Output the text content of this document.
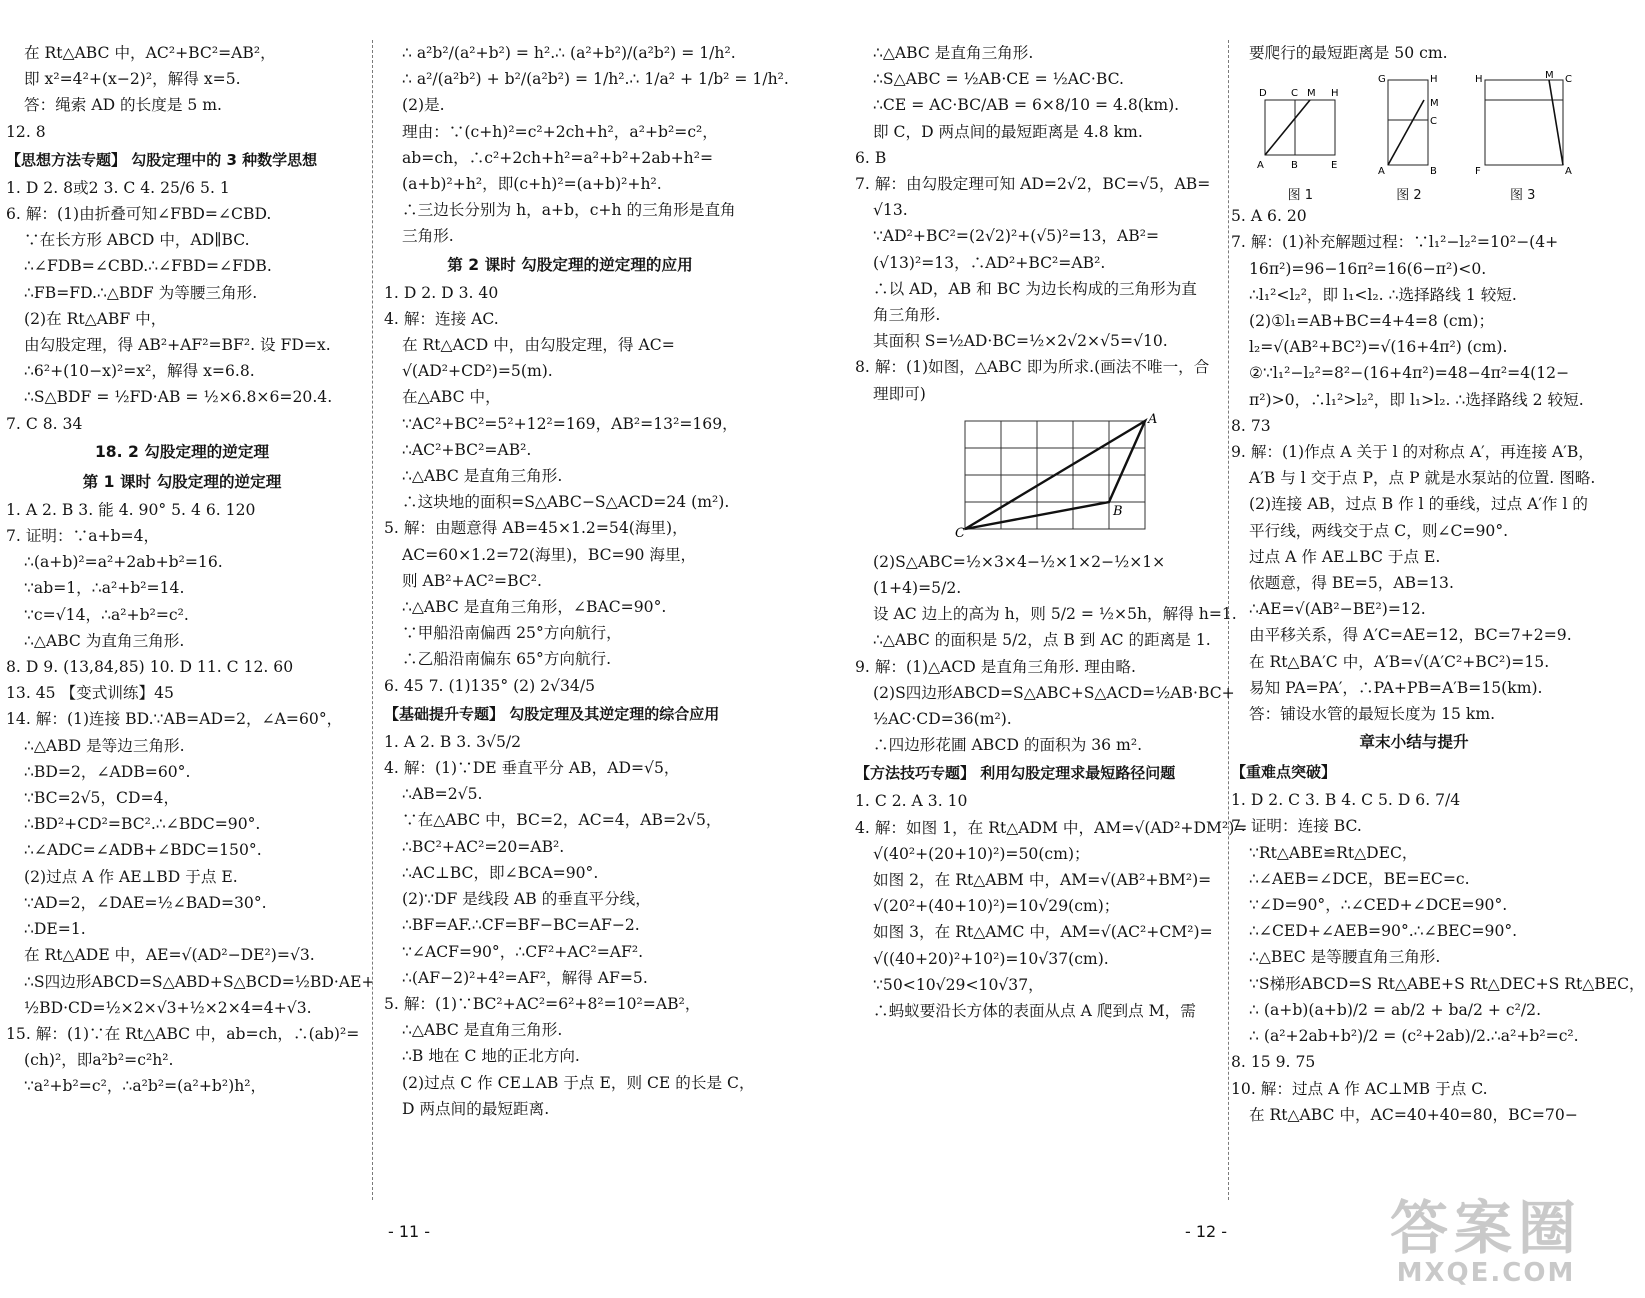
在 Rt△ABC 中，AC²+BC²=AB²，
即 x²=4²+(x−2)²，解得 x=5.
答：绳索 AD 的长度是 5 m.
12. 8
【思想方法专题】 勾股定理中的 3 种数学思想
1. D 2. 8或2 3. C 4. 25/6 5. 1
6. 解：(1)由折叠可知∠FBD=∠CBD.
∵在长方形 ABCD 中，AD∥BC.
∴∠FDB=∠CBD.∴∠FBD=∠FDB.
∴FB=FD.∴△BDF 为等腰三角形.
(2)在 Rt△ABF 中，
由勾股定理，得 AB²+AF²=BF². 设 FD=x.
∴6²+(10−x)²=x²，解得 x=6.8.
∴S△BDF = ½FD·AB = ½×6.8×6=20.4.
7. C 8. 34
18. 2 勾股定理的逆定理
第 1 课时 勾股定理的逆定理
1. A 2. B 3. 能 4. 90° 5. 4 6. 120
7. 证明：∵a+b=4，
∴(a+b)²=a²+2ab+b²=16.
∵ab=1，∴a²+b²=14.
∵c=√14，∴a²+b²=c².
∴△ABC 为直角三角形.
8. D 9. (13,84,85) 10. D 11. C 12. 60
13. 45 【变式训练】45
14. 解：(1)连接 BD.∵AB=AD=2，∠A=60°，
∴△ABD 是等边三角形.
∴BD=2，∠ADB=60°.
∵BC=2√5，CD=4，
∴BD²+CD²=BC².∴∠BDC=90°.
∴∠ADC=∠ADB+∠BDC=150°.
(2)过点 A 作 AE⊥BD 于点 E.
∵AD=2，∠DAE=½∠BAD=30°.
∴DE=1.
在 Rt△ADE 中，AE=√(AD²−DE²)=√3.
∴S四边形ABCD=S△ABD+S△BCD=½BD·AE+
½BD·CD=½×2×√3+½×2×4=4+√3.
15. 解：(1)∵在 Rt△ABC 中，ab=ch，∴(ab)²=
(ch)²，即a²b²=c²h².
∵a²+b²=c²，∴a²b²=(a²+b²)h²，
∴ a²b²/(a²+b²) = h².∴ (a²+b²)/(a²b²) = 1/h².
∴ a²/(a²b²) + b²/(a²b²) = 1/h².∴ 1/a² + 1/b² = 1/h².
(2)是.
理由：∵(c+h)²=c²+2ch+h²，a²+b²=c²，
ab=ch，∴c²+2ch+h²=a²+b²+2ab+h²=
(a+b)²+h²，即(c+h)²=(a+b)²+h².
∴三边长分别为 h，a+b，c+h 的三角形是直角
三角形.
第 2 课时 勾股定理的逆定理的应用
1. D 2. D 3. 40
4. 解：连接 AC.
在 Rt△ACD 中，由勾股定理，得 AC=
√(AD²+CD²)=5(m).
在△ABC 中，
∵AC²+BC²=5²+12²=169，AB²=13²=169，
∴AC²+BC²=AB².
∴△ABC 是直角三角形.
∴这块地的面积=S△ABC−S△ACD=24 (m²).
5. 解：由题意得 AB=45×1.2=54(海里)，
AC=60×1.2=72(海里)，BC=90 海里，
则 AB²+AC²=BC².
∴△ABC 是直角三角形，∠BAC=90°.
∵甲船沿南偏西 25°方向航行，
∴乙船沿南偏东 65°方向航行.
6. 45 7. (1)135° (2) 2√34/5
【基础提升专题】 勾股定理及其逆定理的综合应用
1. A 2. B 3. 3√5/2
4. 解：(1)∵DE 垂直平分 AB，AD=√5，
∴AB=2√5.
∵在△ABC 中，BC=2，AC=4，AB=2√5，
∴BC²+AC²=20=AB².
∴AC⊥BC，即∠BCA=90°.
(2)∵DF 是线段 AB 的垂直平分线，
∴BF=AF.∴CF=BF−BC=AF−2.
∵∠ACF=90°，∴CF²+AC²=AF².
∴(AF−2)²+4²=AF²，解得 AF=5.
5. 解：(1)∵BC²+AC²=6²+8²=10²=AB²，
∴△ABC 是直角三角形.
∴B 地在 C 地的正北方向.
(2)过点 C 作 CE⊥AB 于点 E，则 CE 的长是 C，
D 两点间的最短距离.
- 11 -
∴△ABC 是直角三角形.
∴S△ABC = ½AB·CE = ½AC·BC.
∴CE = AC·BC/AB = 6×8/10 = 4.8(km).
即 C，D 两点间的最短距离是 4.8 km.
6. B
7. 解：由勾股定理可知 AD=2√2，BC=√5，AB=
√13.
∵AD²+BC²=(2√2)²+(√5)²=13，AB²=
(√13)²=13，∴AD²+BC²=AB².
∴以 AD，AB 和 BC 为边长构成的三角形为直
角三角形.
其面积 S=½AD·BC=½×2√2×√5=√10.
8. 解：(1)如图，△ABC 即为所求.(画法不唯一，合
理即可)
A
B
C
(2)S△ABC=½×3×4−½×1×2−½×1×
(1+4)=5/2.
设 AC 边上的高为 h，则 5/2 = ½×5h，解得 h=1.
∴△ABC 的面积是 5/2，点 B 到 AC 的距离是 1.
9. 解：(1)△ACD 是直角三角形. 理由略.
(2)S四边形ABCD=S△ABC+S△ACD=½AB·BC+
½AC·CD=36(m²).
∴四边形花圃 ABCD 的面积为 36 m².
【方法技巧专题】 利用勾股定理求最短路径问题
1. C 2. A 3. 10
4. 解：如图 1，在 Rt△ADM 中，AM=√(AD²+DM²)=
√(40²+(20+10)²)=50(cm)；
如图 2，在 Rt△ABM 中，AM=√(AB²+BM²)=
√(20²+(40+10)²)=10√29(cm)；
如图 3，在 Rt△AMC 中，AM=√(AC²+CM²)=
√((40+20)²+10²)=10√37(cm).
∵50<10√29<10√37，
∴蚂蚁要沿长方体的表面从点 A 爬到点 M，需
要爬行的最短距离是 50 cm.
D C M H
A	B	E
图 1
G	H
M
C
A	B
图 2
H	M C
F	A
图 3
5. A 6. 20
7. 解：(1)补充解题过程：∵l₁²−l₂²=10²−(4+
16π²)=96−16π²=16(6−π²)<0.
∴l₁²<l₂²，即 l₁<l₂. ∴选择路线 1 较短.
(2)①l₁=AB+BC=4+4=8 (cm)；
l₂=√(AB²+BC²)=√(16+4π²) (cm).
②∵l₁²−l₂²=8²−(16+4π²)=48−4π²=4(12−
π²)>0，∴l₁²>l₂²，即 l₁>l₂. ∴选择路线 2 较短.
8. 73
9. 解：(1)作点 A 关于 l 的对称点 A′，再连接 A′B，
A′B 与 l 交于点 P，点 P 就是水泵站的位置. 图略.
(2)连接 AB，过点 B 作 l 的垂线，过点 A′作 l 的
平行线，两线交于点 C，则∠C=90°.
过点 A 作 AE⊥BC 于点 E.
依题意，得 BE=5，AB=13.
∴AE=√(AB²−BE²)=12.
由平移关系，得 A′C=AE=12，BC=7+2=9.
在 Rt△BA′C 中，A′B=√(A′C²+BC²)=15.
易知 PA=PA′，∴PA+PB=A′B=15(km).
答：铺设水管的最短长度为 15 km.
章末小结与提升
【重难点突破】
1. D 2. C 3. B 4. C 5. D 6. 7/4
7. 证明：连接 BC.
∵Rt△ABE≌Rt△DEC，
∴∠AEB=∠DCE，BE=EC=c.
∵∠D=90°，∴∠CED+∠DCE=90°.
∴∠CED+∠AEB=90°.∴∠BEC=90°.
∴△BEC 是等腰直角三角形.
∵S梯形ABCD=S Rt△ABE+S Rt△DEC+S Rt△BEC，
∴ (a+b)(a+b)/2 = ab/2 + ba/2 + c²/2.
∴ (a²+2ab+b²)/2 = (c²+2ab)/2.∴a²+b²=c².
8. 15 9. 75
10. 解：过点 A 作 AC⊥MB 于点 C.
在 Rt△ABC 中，AC=40+40=80，BC=70−
- 12 -	答案圈
MXQE.COM
